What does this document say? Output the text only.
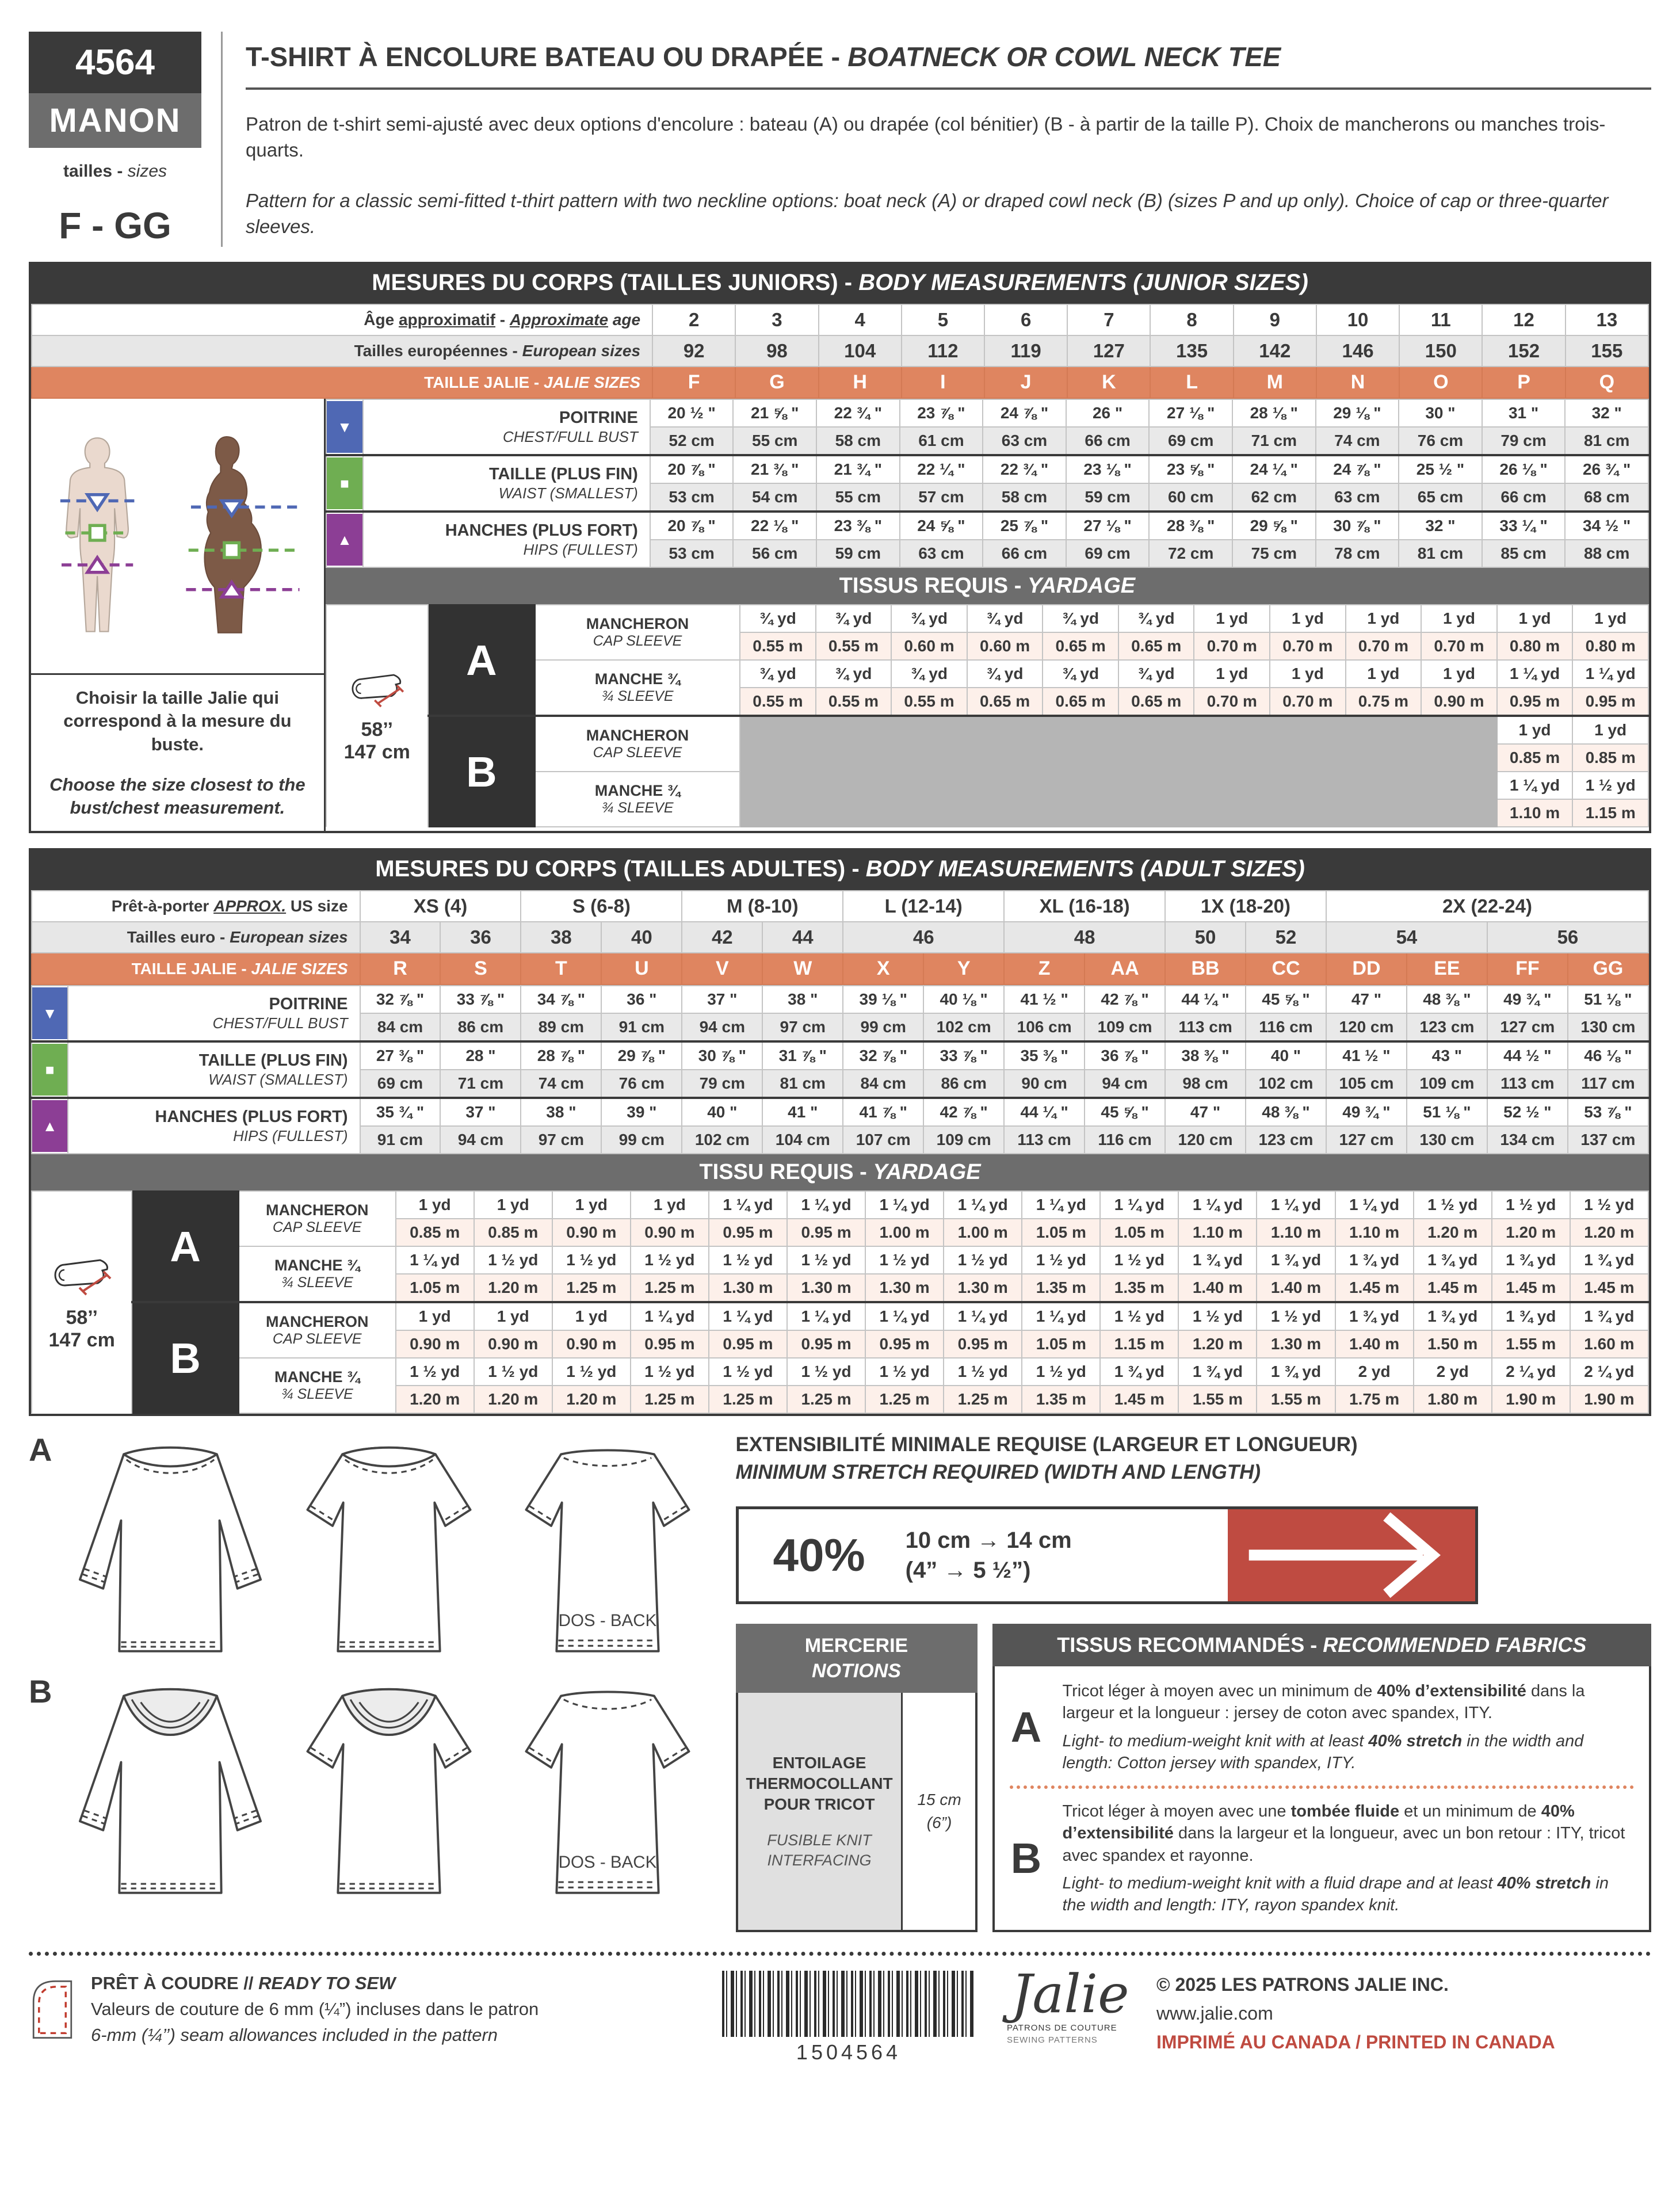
4564
MANON
tailles - sizes
F - GG
T-SHIRT À ENCOLURE BATEAU OU DRAPÉE - BOATNECK OR COWL NECK TEE

Patron de t-shirt semi-ajusté avec deux options d'encolure : bateau (A) ou drapée (col bénitier) (B - à partir de la taille P). Choix de mancherons ou manches trois-quarts.

Pattern for a classic semi-fitted t-thirt pattern with two neckline options: boat neck (A) or draped cowl neck (B) (sizes P and up only). Choice of cap or three-quarter sleeves.

MESURES DU CORPS (TAILLES JUNIORS) - BODY MEASUREMENTS (JUNIOR SIZES)
Âge approximatif - Approximate age	2	3	4	5	6	7	8	9	10	11	12	13
Tailles européennes - European sizes	92	98	104	112	119	127	135	142	146	150	152	155
TAILLE JALIE - JALIE SIZES	F	G	H	I	J	K	L	M	N	O	P	Q
Choisir la taille Jalie qui correspond à la mesure du buste.
Choose the size closest to the bust/chest measurement.
▼	POITRINE
CHEST/FULL BUST	20 ½ "	21 ⅝ "	22 ¾ "	23 ⅞ "	24 ⅞ "	26 "	27 ⅛ "	28 ⅛ "	29 ⅛ "	30 "	31 "	32 "
		52 cm	55 cm	58 cm	61 cm	63 cm	66 cm	69 cm	71 cm	74 cm	76 cm	79 cm	81 cm

■	TAILLE (PLUS FIN)
WAIST (SMALLEST)	20 ⅞ "	21 ⅜ "	21 ¾ "	22 ¼ "	22 ¾ "	23 ⅛ "	23 ⅝ "	24 ¼ "	24 ⅞ "	25 ½ "	26 ⅛ "	26 ¾ "
		53 cm	54 cm	55 cm	57 cm	58 cm	59 cm	60 cm	62 cm	63 cm	65 cm	66 cm	68 cm

▲	HANCHES (PLUS FORT)
HIPS (FULLEST)	20 ⅞ "	22 ⅛ "	23 ⅜ "	24 ⅝ "	25 ⅞ "	27 ⅛ "	28 ⅜ "	29 ⅝ "	30 ⅞ "	32 "	33 ¼ "	34 ½ "
		53 cm	56 cm	59 cm	63 cm	66 cm	69 cm	72 cm	75 cm	78 cm	81 cm	85 cm	88 cm
TISSUS REQUIS - YARDAGE
58’’
147 cm
	A	
MANCHERON
CAP SLEEVE
	¾ yd	¾ yd	¾ yd	¾ yd	¾ yd	¾ yd	1 yd	1 yd	1 yd	1 yd	1 yd	1 yd
			0.55 m	0.55 m	0.60 m	0.60 m	0.65 m	0.65 m	0.70 m	0.70 m	0.70 m	0.70 m	0.80 m	0.80 m

		MANCHE ¾
¾ SLEEVE	¾ yd	¾ yd	¾ yd	¾ yd	¾ yd	¾ yd	1 yd	1 yd	1 yd	1 yd	1 ¼ yd	1 ¼ yd
			0.55 m	0.55 m	0.55 m	0.65 m	0.65 m	0.65 m	0.70 m	0.70 m	0.75 m	0.90 m	0.95 m	0.95 m
	B	MANCHERON
CAP SLEEVE											1 yd	1 yd
													0.85 m	0.85 m

		MANCHE ¾
¾ SLEEVE											1 ¼ yd	1 ½ yd
													1.10 m	1.15 m
MESURES DU CORPS (TAILLES ADULTES) - BODY MEASUREMENTS (ADULT SIZES)
Prêt-à-porter APPROX. US size	XS (4)		S (6-8)		M (8-10)		L (12-14)		XL (16-18)		1X (18-20)		2X (22-24)			
Tailles euro - European sizes	34	36	38	40	42	44	46		48		50	52	54		56	
TAILLE JALIE - JALIE SIZES	R	S	T	U	V	W	X	Y	Z	AA	BB	CC	DD	EE	FF	GG
▼	POITRINE
CHEST/FULL BUST	32 ⅞ "	33 ⅞ "	34 ⅞ "	36 "	37 "	38 "	39 ⅛ "	40 ⅛ "	41 ½ "	42 ⅞ "	44 ¼ "	45 ⅝ "	47 "	48 ⅜ "	49 ¾ "	51 ⅛ "
		84 cm	86 cm	89 cm	91 cm	94 cm	97 cm	99 cm	102 cm	106 cm	109 cm	113 cm	116 cm	120 cm	123 cm	127 cm	130 cm

■	TAILLE (PLUS FIN)
WAIST (SMALLEST)	27 ⅜ "	28 "	28 ⅞ "	29 ⅞ "	30 ⅞ "	31 ⅞ "	32 ⅞ "	33 ⅞ "	35 ⅜ "	36 ⅞ "	38 ⅜ "	40 "	41 ½ "	43 "	44 ½ "	46 ⅛ "
		69 cm	71 cm	74 cm	76 cm	79 cm	81 cm	84 cm	86 cm	90 cm	94 cm	98 cm	102 cm	105 cm	109 cm	113 cm	117 cm

▲	HANCHES (PLUS FORT)
HIPS (FULLEST)	35 ¾ "	37 "	38 "	39 "	40 "	41 "	41 ⅞ "	42 ⅞ "	44 ¼ "	45 ⅝ "	47 "	48 ⅜ "	49 ¾ "	51 ⅛ "	52 ½ "	53 ⅞ "
		91 cm	94 cm	97 cm	99 cm	102 cm	104 cm	107 cm	109 cm	113 cm	116 cm	120 cm	123 cm	127 cm	130 cm	134 cm	137 cm
TISSU REQUIS - YARDAGE
58’’
147 cm
	A	
MANCHERON
CAP SLEEVE
	1 yd	1 yd	1 yd	1 yd	1 ¼ yd	1 ¼ yd	1 ¼ yd	1 ¼ yd	1 ¼ yd	1 ¼ yd	1 ¼ yd	1 ¼ yd	1 ¼ yd	1 ½ yd	1 ½ yd	1 ½ yd
			0.85 m	0.85 m	0.90 m	0.90 m	0.95 m	0.95 m	1.00 m	1.00 m	1.05 m	1.05 m	1.10 m	1.10 m	1.10 m	1.20 m	1.20 m	1.20 m

		MANCHE ¾
¾ SLEEVE	1 ¼ yd	1 ½ yd	1 ½ yd	1 ½ yd	1 ½ yd	1 ½ yd	1 ½ yd	1 ½ yd	1 ½ yd	1 ½ yd	1 ¾ yd	1 ¾ yd	1 ¾ yd	1 ¾ yd	1 ¾ yd	1 ¾ yd
			1.05 m	1.20 m	1.25 m	1.25 m	1.30 m	1.30 m	1.30 m	1.30 m	1.35 m	1.35 m	1.40 m	1.40 m	1.45 m	1.45 m	1.45 m	1.45 m
	B	MANCHERON
CAP SLEEVE	1 yd	1 yd	1 yd	1 ¼ yd	1 ¼ yd	1 ¼ yd	1 ¼ yd	1 ¼ yd	1 ¼ yd	1 ½ yd	1 ½ yd	1 ½ yd	1 ¾ yd	1 ¾ yd	1 ¾ yd	1 ¾ yd
			0.90 m	0.90 m	0.90 m	0.95 m	0.95 m	0.95 m	0.95 m	0.95 m	1.05 m	1.15 m	1.20 m	1.30 m	1.40 m	1.50 m	1.55 m	1.60 m

		MANCHE ¾
¾ SLEEVE	1 ½ yd	1 ½ yd	1 ½ yd	1 ½ yd	1 ½ yd	1 ½ yd	1 ½ yd	1 ½ yd	1 ½ yd	1 ¾ yd	1 ¾ yd	1 ¾ yd	2 yd	2 yd	2 ¼ yd	2 ¼ yd
			1.20 m	1.20 m	1.20 m	1.25 m	1.25 m	1.25 m	1.25 m	1.25 m	1.35 m	1.45 m	1.55 m	1.55 m	1.75 m	1.80 m	1.90 m	1.90 m
A
DOS - BACK
B
DOS - BACK
EXTENSIBILITÉ MINIMALE REQUISE (LARGEUR ET LONGUEUR)
MINIMUM STRETCH REQUIRED (WIDTH AND LENGTH)
40% 10 cm → 14 cm
(4” → 5 ½”)
MERCERIE
NOTIONS
ENTOILAGE THERMOCOLLANT POUR TRICOT
FUSIBLE KNIT INTERFACING
15 cm
(6”)
TISSUS RECOMMANDÉS - RECOMMENDED FABRICS
A

Tricot léger à moyen avec un minimum de 40% d’extensibilité dans la largeur et la longueur : jersey de coton avec spandex, ITY.

Light- to medium-weight knit with at least 40% stretch in the width and length: Cotton jersey with spandex, ITY.

B

Tricot léger à moyen avec une tombée fluide et un minimum de 40% d’extensibilité dans la largeur et la longueur, avec un bon retour : ITY, tricot avec spandex et rayonne.

Light- to medium-weight knit with a fluid drape and at least 40% stretch in the width and length: ITY, rayon spandex knit.

PRÊT À COUDRE // READY TO SEW
Valeurs de couture de 6 mm (¼”) incluses dans le patron
6-mm (¼’’) seam allowances included in the pattern
1504564
Jalie
PATRONS DE COUTURE
SEWING PATTERNS
© 2025 LES PATRONS JALIE INC.
www.jalie.com
IMPRIMÉ AU CANADA / PRINTED IN CANADA
